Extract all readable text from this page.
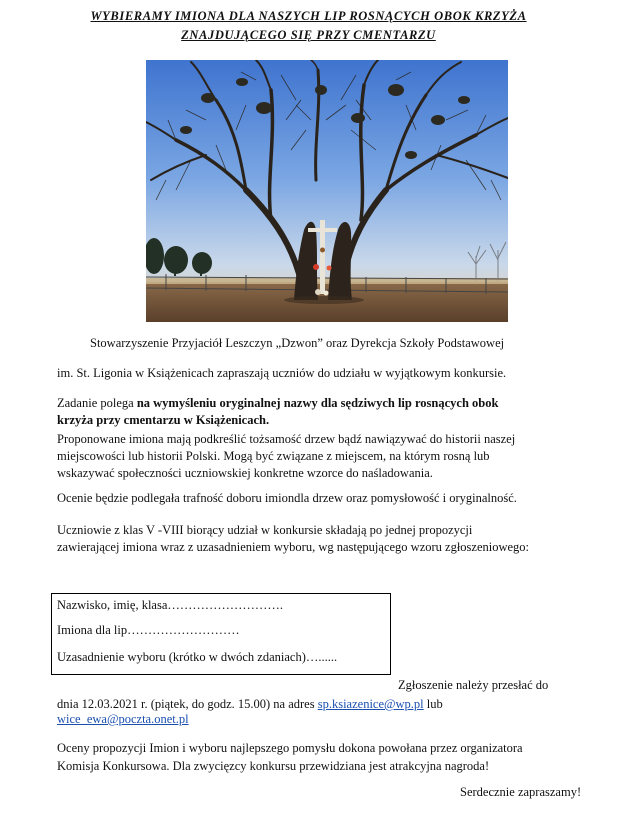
WYBIERAMY IMIONA DLA NASZYCH LIP ROSNĄCYCH OBOK KRZYŻA
ZNAJDUJĄCEGO SIĘ PRZY CMENTARZU

Stowarzyszenie Przyjaciół Leszczyn „Dzwon” oraz Dyrekcja Szkoły Podstawowej

im. St. Ligonia w Książenicach zapraszają uczniów do udziału w wyjątkowym konkursie.

Zadanie polega na wymyśleniu oryginalnej nazwy dla sędziwych lip rosnących obok

krzyża przy cmentarzu w Książenicach.

Proponowane imiona mają podkreślić tożsamość drzew bądź nawiązywać do historii naszej

miejscowości lub historii Polski. Mogą być związane z miejscem, na którym rosną lub

wskazywać społeczności uczniowskiej konkretne wzorce do naśladowania.

Ocenie będzie podlegała trafność doboru imiondla drzew oraz pomysłowość i oryginalność.

Uczniowie z klas V -VIII biorący udział w konkursie składają po jednej propozycji

zawierającej imiona wraz z uzasadnieniem wyboru, wg następującego wzoru zgłoszeniowego:

Nazwisko, imię, klasa……………………….
Imiona dla lip………………………
Uzasadnienie wyboru (krótko w dwóch zdaniach)…......

Zgłoszenie należy przesłać do

dnia 12.03.2021 r. (piątek, do godz. 15.00) na adres sp.ksiazenice@wp.pl lub

wice_ewa@poczta.onet.pl

Oceny propozycji Imion i wyboru najlepszego pomysłu dokona powołana przez organizatora

Komisja Konkursowa. Dla zwycięzcy konkursu przewidziana jest atrakcyjna nagroda!

Serdecznie zapraszamy!
